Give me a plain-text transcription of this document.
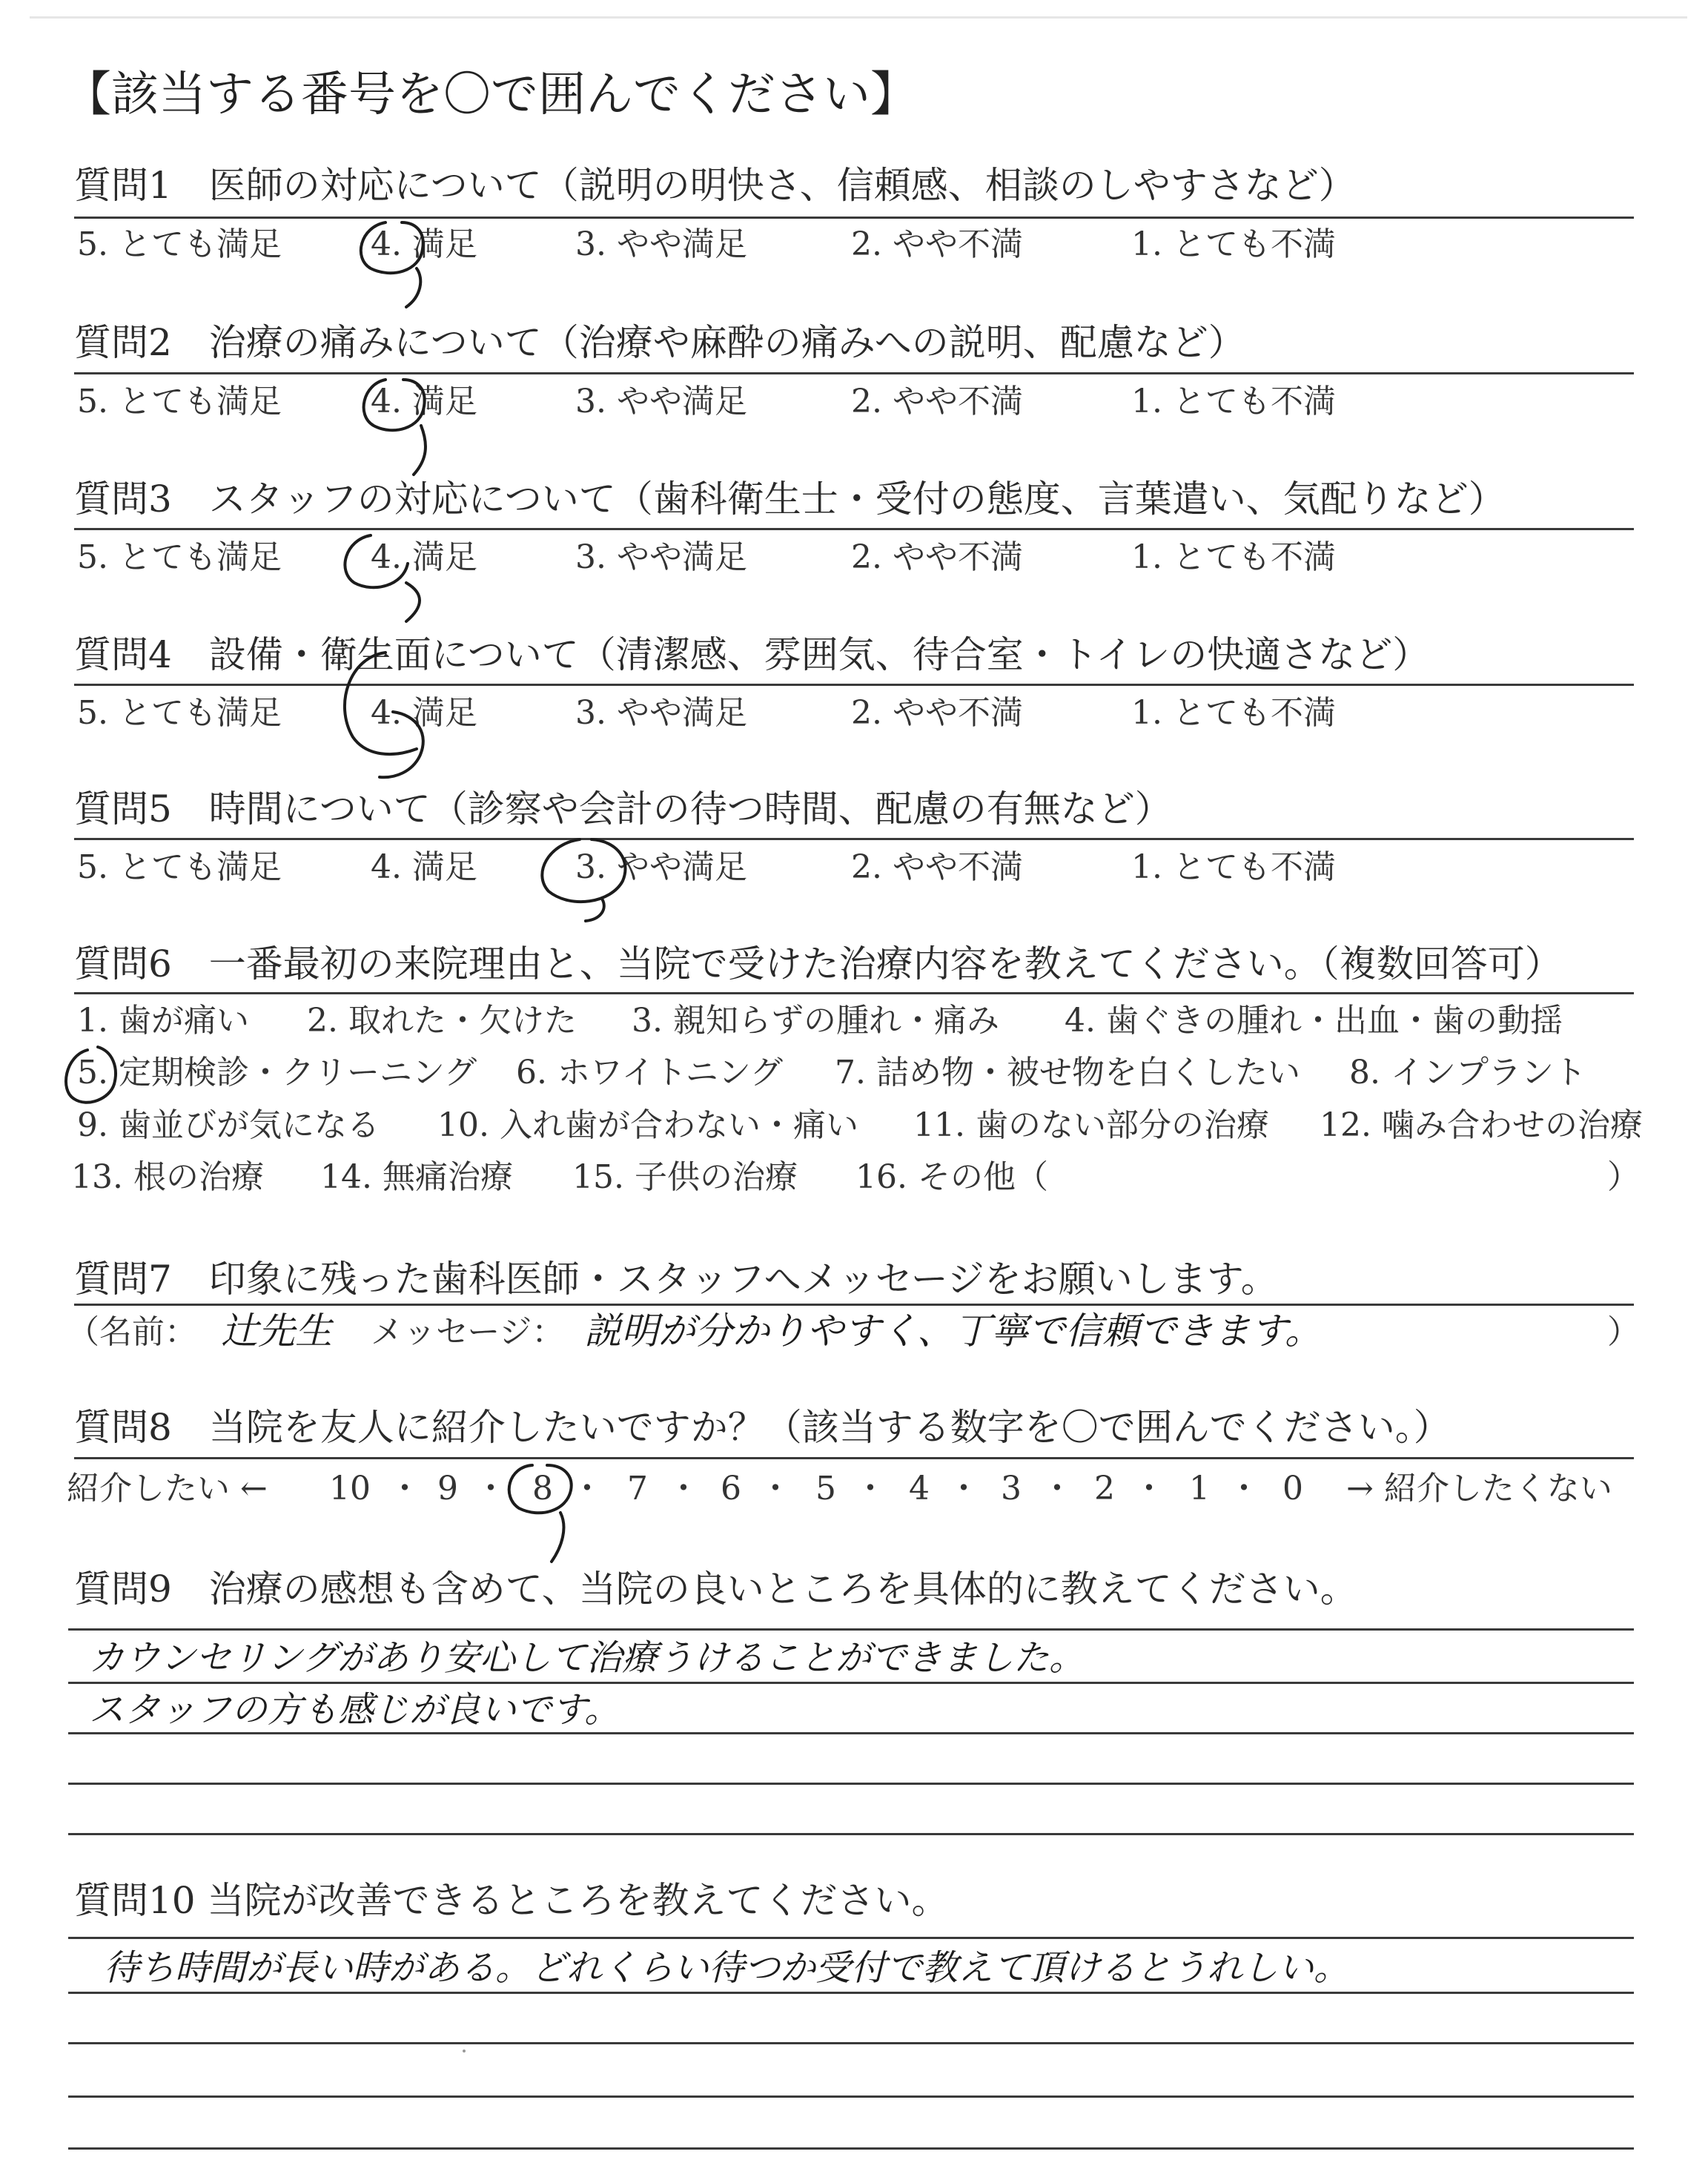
【該当する番号を〇で囲んでください】
質問1　医師の対応について（説明の明快さ、信頼感、相談のしやすさなど）
5. とても満足	4. 満足	3. やや満足	2. やや不満	1. とても不満
質問2　治療の痛みについて（治療や麻酔の痛みへの説明、配慮など）
5. とても満足	4. 満足	3. やや満足	2. やや不満	1. とても不満
質問3　スタッフの対応について（歯科衛生士・受付の態度、言葉遣い、気配りなど）
5. とても満足	4. 満足	3. やや満足	2. やや不満	1. とても不満
質問4　設備・衛生面について（清潔感、雰囲気、待合室・トイレの快適さなど）
5. とても満足	4. 満足	3. やや満足	2. やや不満	1. とても不満
質問5　時間について（診察や会計の待つ時間、配慮の有無など）
5. とても満足	4. 満足	3. やや満足	2. やや不満	1. とても不満
質問6　一番最初の来院理由と、当院で受けた治療内容を教えてください。（複数回答可）
1. 歯が痛い 2. 取れた・欠けた 3. 親知らずの腫れ・痛み 4. 歯ぐきの腫れ・出血・歯の動揺
5. 定期検診・クリーニング 6. ホワイトニング 7. 詰め物・被せ物を白くしたい 8. インプラント
9. 歯並びが気になる 10. 入れ歯が合わない・痛い 11. 歯のない部分の治療 12. 噛み合わせの治療
13. 根の治療 14. 無痛治療 15. 子供の治療 16. その他（	）
質問7　印象に残った歯科医師・スタッフへメッセージをお願いします。
（名前： 辻先生 メッセージ： 説明が分かりやすく、丁寧で信頼できます。	）
質問8　当院を友人に紹介したいですか？（該当する数字を〇で囲んでください。）
紹介したい ← 10 ・ 9 ・ 8 ・ 7 ・ 6 ・ 5 ・ 4 ・ 3 ・ 2 ・ 1 ・ 0 → 紹介したくない
質問9　治療の感想も含めて、当院の良いところを具体的に教えてください。
カウンセリングがあり安心して治療うけることができました。
スタッフの方も感じが良いです。
質問10 当院が改善できるところを教えてください。
待ち時間が長い時がある。どれくらい待つか受付で教えて頂けるとうれしい。
